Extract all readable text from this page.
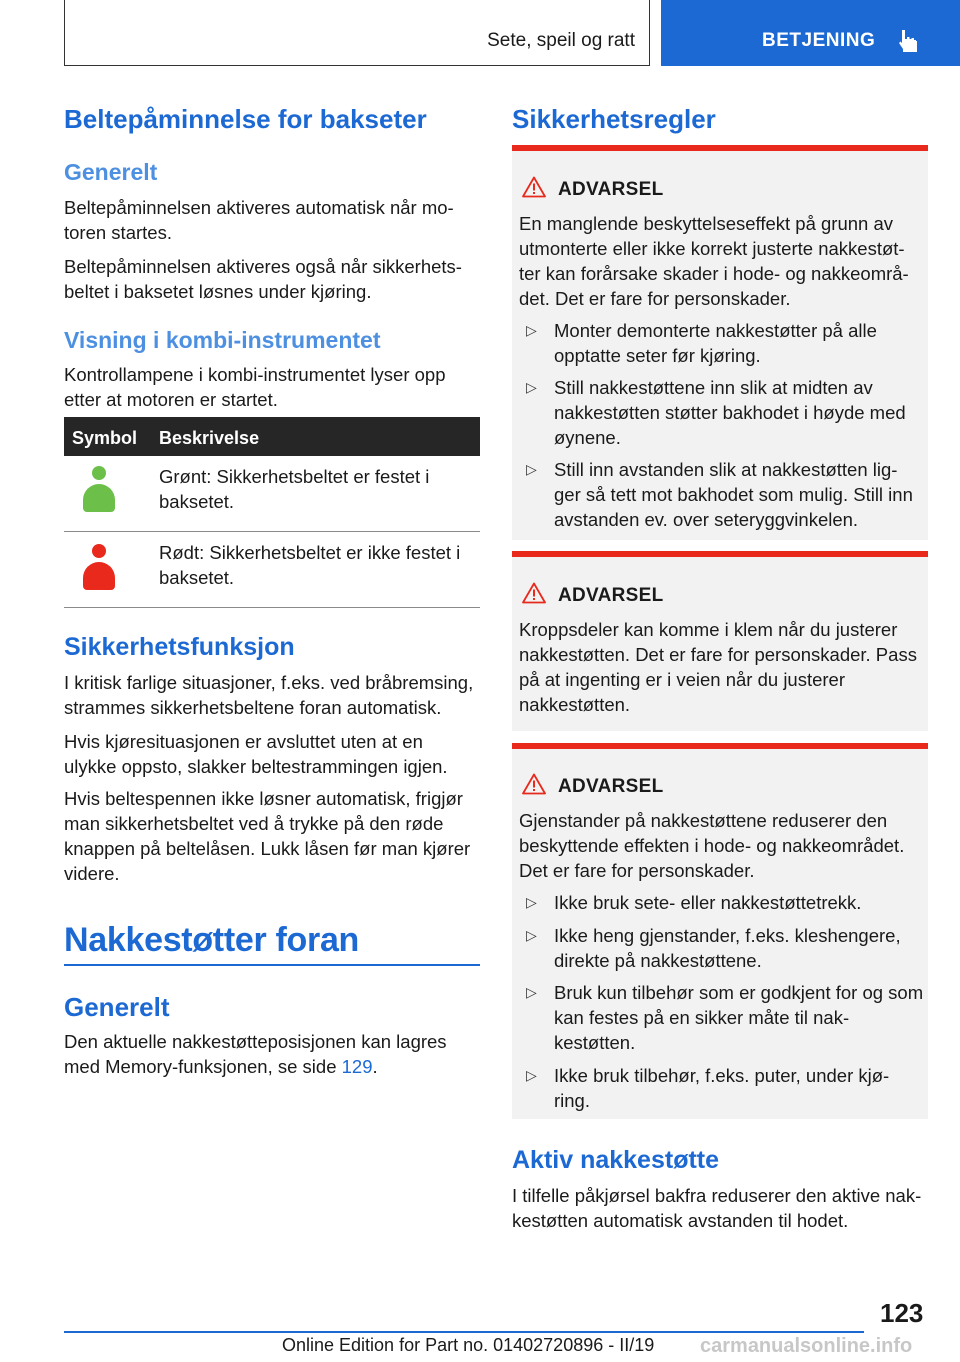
Sete, speil og ratt	BETJENING
Beltepåminnelse for bakseter
Generelt
Beltepåminnelsen aktiveres automatisk når mo-toren startes.
Beltepåminnelsen aktiveres også når sikkerhets-beltet i baksetet løsnes under kjøring.
Visning i kombi-instrumentet
Kontrollampene i kombi-instrumentet lyser opp etter at motoren er startet.
Symbol Beskrivelse
Grønt: Sikkerhetsbeltet er festet i baksetet.
Rødt: Sikkerhetsbeltet er ikke festet i baksetet.
Sikkerhetsfunksjon
I kritisk farlige situasjoner, f.eks. ved bråbremsing, strammes sikkerhetsbeltene foran automatisk.
Hvis kjøresituasjonen er avsluttet uten at en ulykke oppsto, slakker beltestrammingen igjen.
Hvis beltespennen ikke løsner automatisk, frigjør man sikkerhetsbeltet ved å trykke på den røde knappen på beltelåsen. Lukk låsen før man kjører videre.
Nakkestøtter foran
Generelt
Den aktuelle nakkestøtteposisjonen kan lagres med Memory-funksjonen, se side 129.
Sikkerhetsregler
ADVARSEL
En manglende beskyttelseseffekt på grunn av utmonterte eller ikke korrekt justerte nakkestøt-ter kan forårsake skader i hode- og nakkeområ-det. Det er fare for personskader.
▷ Monter demonterte nakkestøtter på alle opptatte seter før kjøring.
▷ Still nakkestøttene inn slik at midten av nakkestøtten støtter bakhodet i høyde med øynene.
▷ Still inn avstanden slik at nakkestøtten lig-ger så tett mot bakhodet som mulig. Still inn avstanden ev. over seteryggvinkelen.
ADVARSEL
Kroppsdeler kan komme i klem når du justerer nakkestøtten. Det er fare for personskader. Pass på at ingenting er i veien når du justerer nakkestøtten.
ADVARSEL
Gjenstander på nakkestøttene reduserer den beskyttende effekten i hode- og nakkeområdet. Det er fare for personskader.
▷ Ikke bruk sete- eller nakkestøttetrekk.
▷ Ikke heng gjenstander, f.eks. kleshengere, direkte på nakkestøttene.
▷ Bruk kun tilbehør som er godkjent for og som kan festes på en sikker måte til nak-kestøtten.
▷ Ikke bruk tilbehør, f.eks. puter, under kjø-ring.
Aktiv nakkestøtte
I tilfelle påkjørsel bakfra reduserer den aktive nak-kestøtten automatisk avstanden til hodet.
123
Online Edition for Part no. 01402720896 - II/19 carmanualsonline.info
